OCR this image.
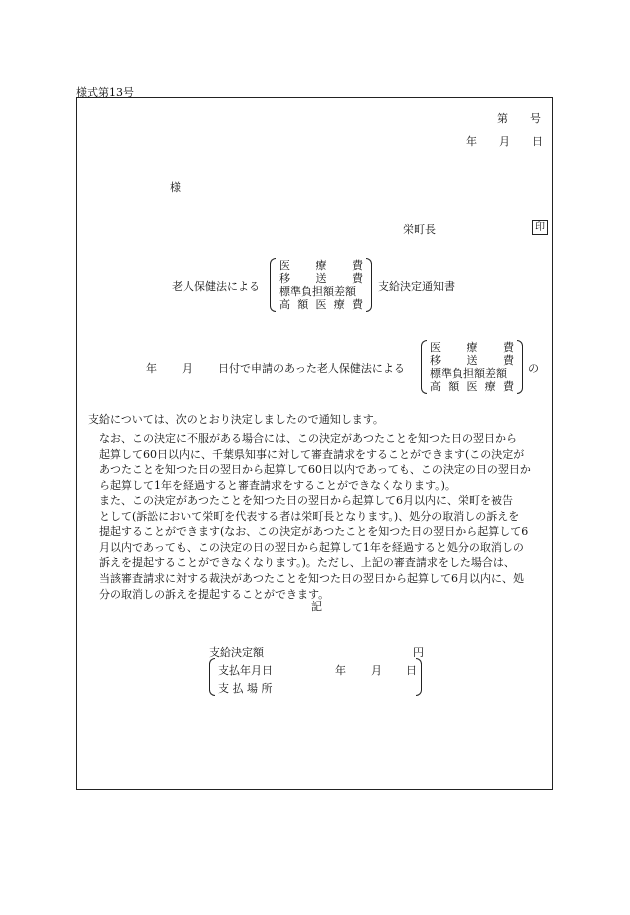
様式第13号
第　　号
年　　月　　日
様
栄町長	印
老人保健法による
医 療 費
移 送 費
標準負担額差額
高 額 医 療 費
支給決定通知書
年 月 日付で申請のあった老人保健法による
医 療 費
移 送 費
標準負担額差額
高 額 医 療 費
の
支給については、次のとおり決定しましたので通知します。

なお、この決定に不服がある場合には、この決定があつたことを知つた日の翌日から
起算して60日以内に、千葉県知事に対して審査請求をすることができます(この決定が
あつたことを知つた日の翌日から起算して60日以内であっても、この決定の日の翌日か
ら起算して1年を経過すると審査請求をすることができなくなります。)。

また、この決定があつたことを知つた日の翌日から起算して6月以内に、栄町を被告
として(訴訟において栄町を代表する者は栄町長となります。)、処分の取消しの訴えを
提起することができます(なお、この決定があつたことを知つた日の翌日から起算して6
月以内であっても、この決定の日の翌日から起算して1年を経過すると処分の取消しの
訴えを提起することができなくなります。)。ただし、上記の審査請求をした場合は、
当該審査請求に対する裁決があつたことを知つた日の翌日から起算して6月以内に、処
分の取消しの訴えを提起することができます。

記
支給決定額	円
支払年月日	年 月 日
支 払 場 所
